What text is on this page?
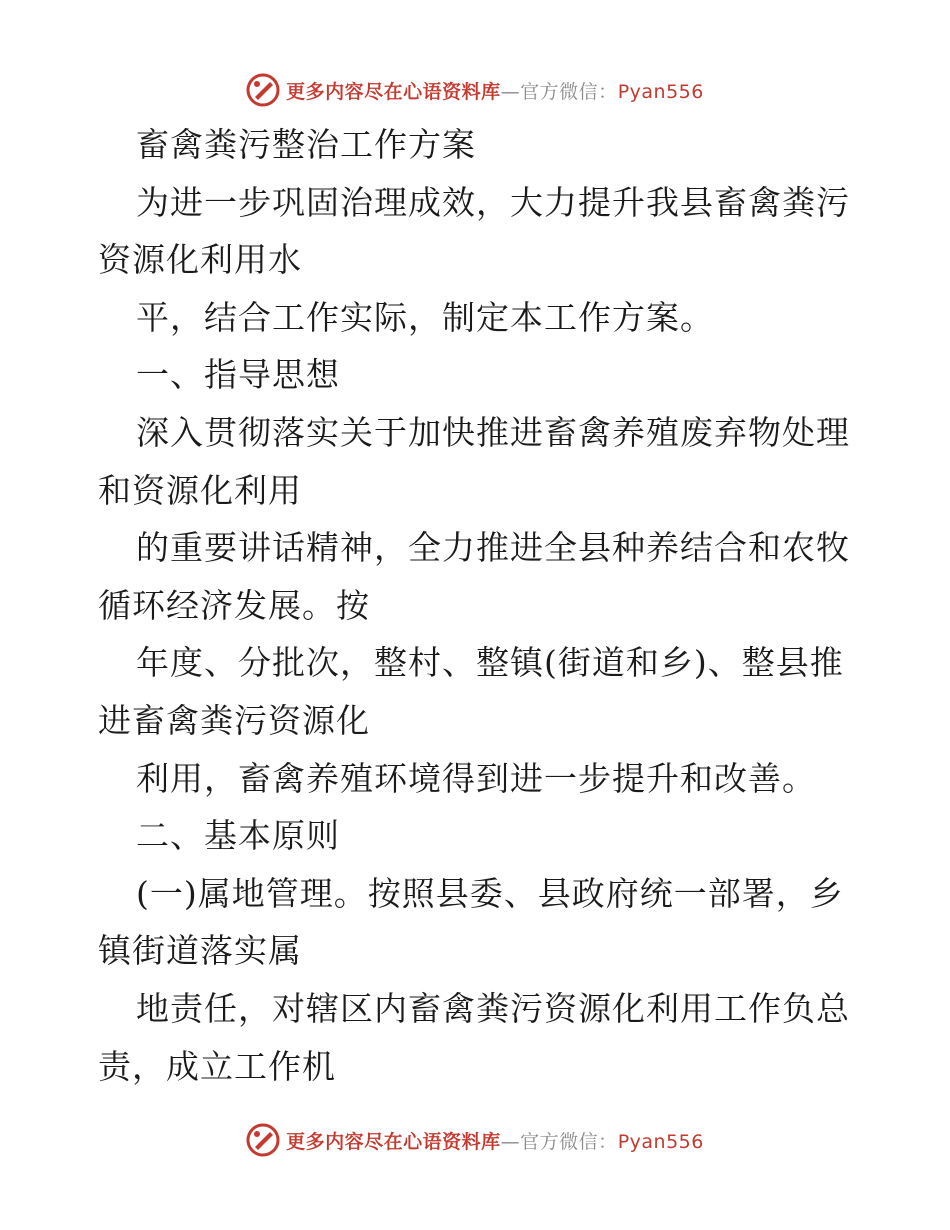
更多内容尽在心语资料库—官方微信：Pyan556
畜禽粪污整治工作方案
为进一步巩固治理成效，大力提升我县畜禽粪污
资源化利用水
平，结合工作实际，制定本工作方案。
一、指导思想
深入贯彻落实关于加快推进畜禽养殖废弃物处理
和资源化利用
的重要讲话精神，全力推进全县种养结合和农牧
循环经济发展。按
年度、分批次，整村、整镇(街道和乡)、整县推
进畜禽粪污资源化
利用，畜禽养殖环境得到进一步提升和改善。
二、基本原则
(一)属地管理。按照县委、县政府统一部署，乡
镇街道落实属
地责任，对辖区内畜禽粪污资源化利用工作负总
责，成立工作机
更多内容尽在心语资料库—官方微信：Pyan556
